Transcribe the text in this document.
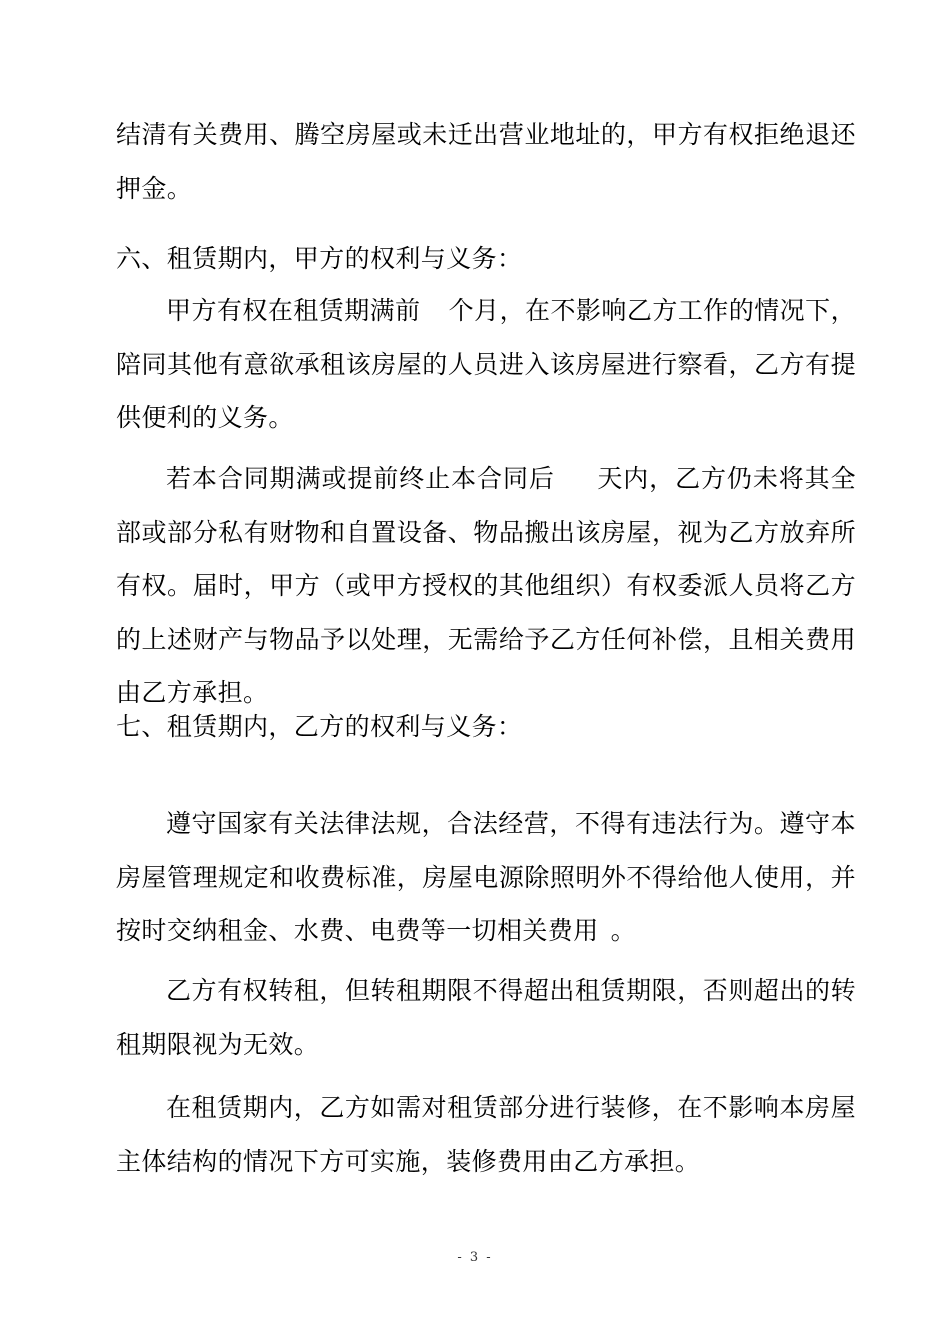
结清有关费用、腾空房屋或未迁出营业地址的，甲方有权拒绝退还押金。

六、租赁期内，甲方的权利与义务：

甲方有权在租赁期满前 个月，在不影响乙方工作的情况下，陪同其他有意欲承租该房屋的人员进入该房屋进行察看，乙方有提供便利的义务。

若本合同期满或提前终止本合同后 天内，乙方仍未将其全部或部分私有财物和自置设备、物品搬出该房屋，视为乙方放弃所有权。届时，甲方（或甲方授权的其他组织）有权委派人员将乙方的上述财产与物品予以处理，无需给予乙方任何补偿，且相关费用由乙方承担。

七、租赁期内，乙方的权利与义务：

遵守国家有关法律法规，合法经营，不得有违法行为。遵守本房屋管理规定和收费标准，房屋电源除照明外不得给他人使用，并按时交纳租金、水费、电费等一切相关费用 。

乙方有权转租，但转租期限不得超出租赁期限，否则超出的转租期限视为无效。

在租赁期内，乙方如需对租赁部分进行装修，在不影响本房屋主体结构的情况下方可实施，装修费用由乙方承担。

- 3 -
